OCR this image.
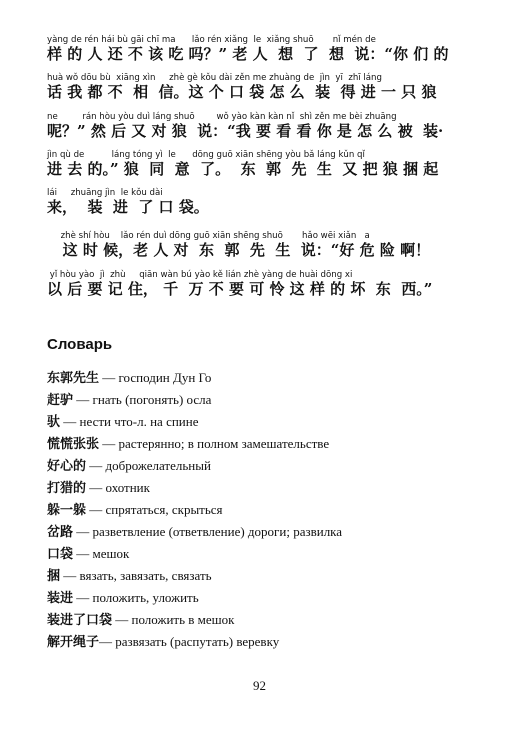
yàng de rén hái bù gāi chī ma      lǎo rén xiǎng  le  xiǎng shuō       nǐ mén de
样 的 人 还 不 该 吃 吗？” 老 人  想  了  想  说：“你 们 的
huà wǒ dōu bù  xiāng xìn     zhè gè kǒu dài zěn me zhuàng de  jìn  yī  zhī láng
话 我 都 不  相  信。这 个 口 袋 怎 么  装  得 进 一 只 狼
ne         rán hòu yòu duì láng shuō        wǒ yào kàn kàn nǐ  shì zěn me bèi zhuāng
呢？” 然 后 又 对 狼  说：“我 要 看 看 你 是 怎 么 被  装·
jìn qù de          láng tóng yì  le      dōng guō xiān shēng yòu bǎ láng kǔn qǐ
进 去 的。” 狼  同  意  了。  东  郭  先  生  又 把 狼 捆 起
lái     zhuāng jìn  le kǒu dài
来，  装  进  了 口 袋。
zhè shí hòu    lǎo rén duì dōng guō xiān shēng shuō       hǎo wēi xiǎn   a
这 时 候，老 人 对  东  郭  先  生  说：“好 危 险 啊！
yǐ hòu yào  jì  zhù     qiān wàn bú yào kě lián zhè yàng de huài dōng xi
以 后 要 记 住， 千  万 不 要 可 怜 这 样 的 坏  东  西。”
Словарь
东郭先生 — господин Дун Го
赶驴 — гнать (погонять) осла
驮 — нести что-л. на спине
慌慌张张 — растерянно; в полном замешательстве
好心的 — доброжелательный
打猎的 — охотник
躲一躲 — спрятаться, скрыться
岔路 — разветвление (ответвление) дороги; развилка
口袋 — мешок
捆 — вязать, завязать, связать
装进 — положить, уложить
装进了口袋 — положить в мешок
解开绳子— развязать (распутать) веревку
92
